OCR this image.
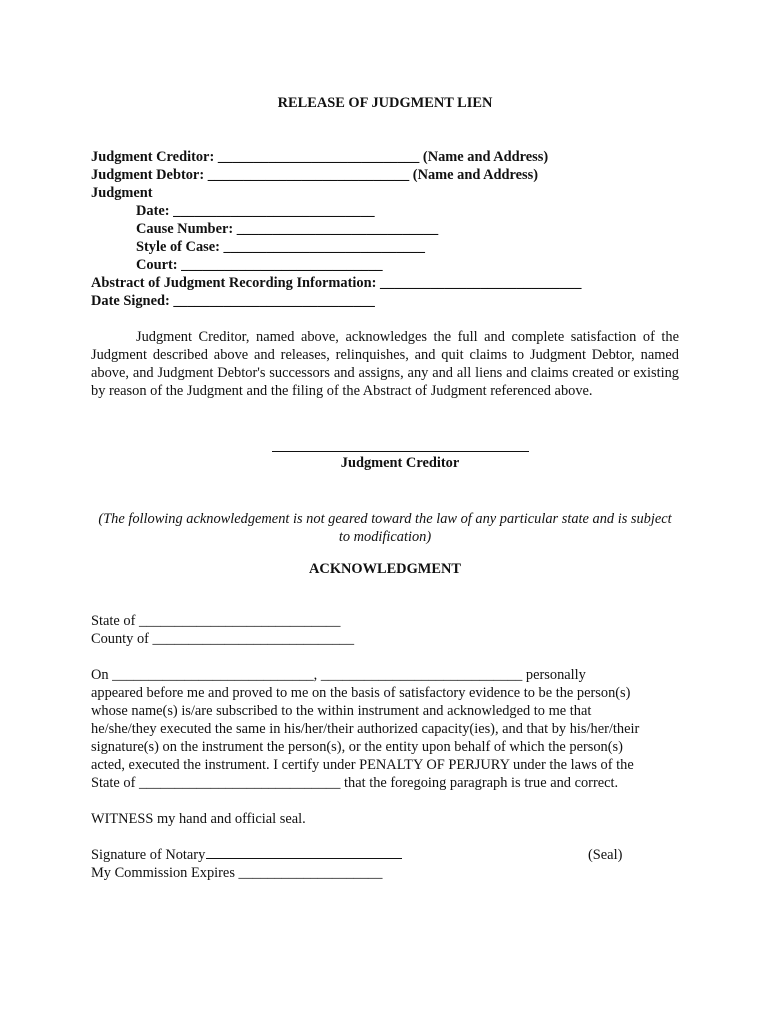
RELEASE OF JUDGMENT LIEN
Judgment Creditor: ____________________________ (Name and Address)
Judgment Debtor: ____________________________ (Name and Address)
Judgment
Date: ____________________________
Cause Number: ____________________________
Style of Case: ____________________________
Court: ____________________________
Abstract of Judgment Recording Information: ____________________________
Date Signed: ____________________________
Judgment Creditor, named above, acknowledges the full and complete satisfaction of the Judgment described above and releases, relinquishes, and quit claims to Judgment Debtor, named above, and Judgment Debtor's successors and assigns, any and all liens and claims created or existing by reason of the Judgment and the filing of the Abstract of Judgment referenced above.
Judgment Creditor
(The following acknowledgement is not geared toward the law of any particular state and is subject to modification)
ACKNOWLEDGMENT
State of ____________________________
County of ____________________________
On ____________________________, ____________________________ personally
appeared before me and proved to me on the basis of satisfactory evidence to be the person(s)
whose name(s) is/are subscribed to the within instrument and acknowledged to me that
he/she/they executed the same in his/her/their authorized capacity(ies), and that by his/her/their
signature(s) on the instrument the person(s), or the entity upon behalf of which the person(s)
acted, executed the instrument. I certify under PENALTY OF PERJURY under the laws of the
State of ____________________________ that the foregoing paragraph is true and correct.
WITNESS my hand and official seal.
Signature of Notary	(Seal)
My Commission Expires ____________________
